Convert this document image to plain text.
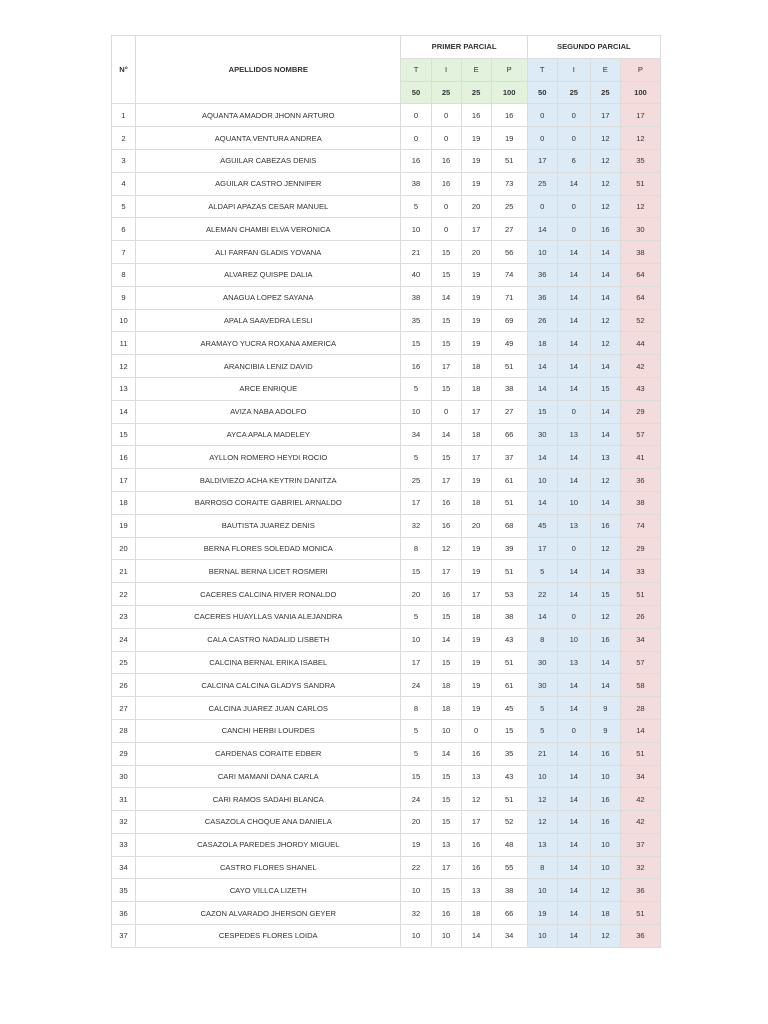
N°	APELLIDOS NOMBRE	PRIMER PARCIAL				SEGUNDO PARCIAL			
		T	I	E	P	T	I	E	P
		50	25	25	100	50	25	25	100
1	AQUANTA AMADOR JHONN ARTURO	0	0	16	16	0	0	17	17
2	AQUANTA VENTURA ANDREA	0	0	19	19	0	0	12	12
3	AGUILAR CABEZAS DENIS	16	16	19	51	17	6	12	35
4	AGUILAR CASTRO JENNIFER	38	16	19	73	25	14	12	51
5	ALDAPI APAZAS CESAR MANUEL	5	0	20	25	0	0	12	12
6	ALEMAN CHAMBI ELVA VERONICA	10	0	17	27	14	0	16	30
7	ALI FARFAN GLADIS YOVANA	21	15	20	56	10	14	14	38
8	ALVAREZ QUISPE DALIA	40	15	19	74	36	14	14	64
9	ANAGUA LOPEZ SAYANA	38	14	19	71	36	14	14	64
10	APALA SAAVEDRA LESLI	35	15	19	69	26	14	12	52
11	ARAMAYO YUCRA ROXANA AMERICA	15	15	19	49	18	14	12	44
12	ARANCIBIA LENIZ DAVID	16	17	18	51	14	14	14	42
13	ARCE ENRIQUE	5	15	18	38	14	14	15	43
14	AVIZA NABA ADOLFO	10	0	17	27	15	0	14	29
15	AYCA APALA MADELEY	34	14	18	66	30	13	14	57
16	AYLLON ROMERO HEYDI ROCIO	5	15	17	37	14	14	13	41
17	BALDIVIEZO ACHA KEYTRIN DANITZA	25	17	19	61	10	14	12	36
18	BARROSO CORAITE GABRIEL ARNALDO	17	16	18	51	14	10	14	38
19	BAUTISTA JUAREZ DENIS	32	16	20	68	45	13	16	74
20	BERNA FLORES SOLEDAD MONICA	8	12	19	39	17	0	12	29
21	BERNAL BERNA LICET ROSMERI	15	17	19	51	5	14	14	33
22	CACERES CALCINA RIVER RONALDO	20	16	17	53	22	14	15	51
23	CACERES HUAYLLAS VANIA ALEJANDRA	5	15	18	38	14	0	12	26
24	CALA CASTRO NADALID LISBETH	10	14	19	43	8	10	16	34
25	CALCINA BERNAL ERIKA ISABEL	17	15	19	51	30	13	14	57
26	CALCINA CALCINA GLADYS SANDRA	24	18	19	61	30	14	14	58
27	CALCINA JUAREZ JUAN CARLOS	8	18	19	45	5	14	9	28
28	CANCHI HERBI LOURDES	5	10	0	15	5	0	9	14
29	CARDENAS CORAITE EDBER	5	14	16	35	21	14	16	51
30	CARI MAMANI DANA CARLA	15	15	13	43	10	14	10	34
31	CARI RAMOS SADAHI BLANCA	24	15	12	51	12	14	16	42
32	CASAZOLA CHOQUE ANA DANIELA	20	15	17	52	12	14	16	42
33	CASAZOLA PAREDES JHORDY MIGUEL	19	13	16	48	13	14	10	37
34	CASTRO FLORES SHANEL	22	17	16	55	8	14	10	32
35	CAYO VILLCA LIZETH	10	15	13	38	10	14	12	36
36	CAZON ALVARADO JHERSON GEYER	32	16	18	66	19	14	18	51
37	CESPEDES FLORES LOIDA	10	10	14	34	10	14	12	36
